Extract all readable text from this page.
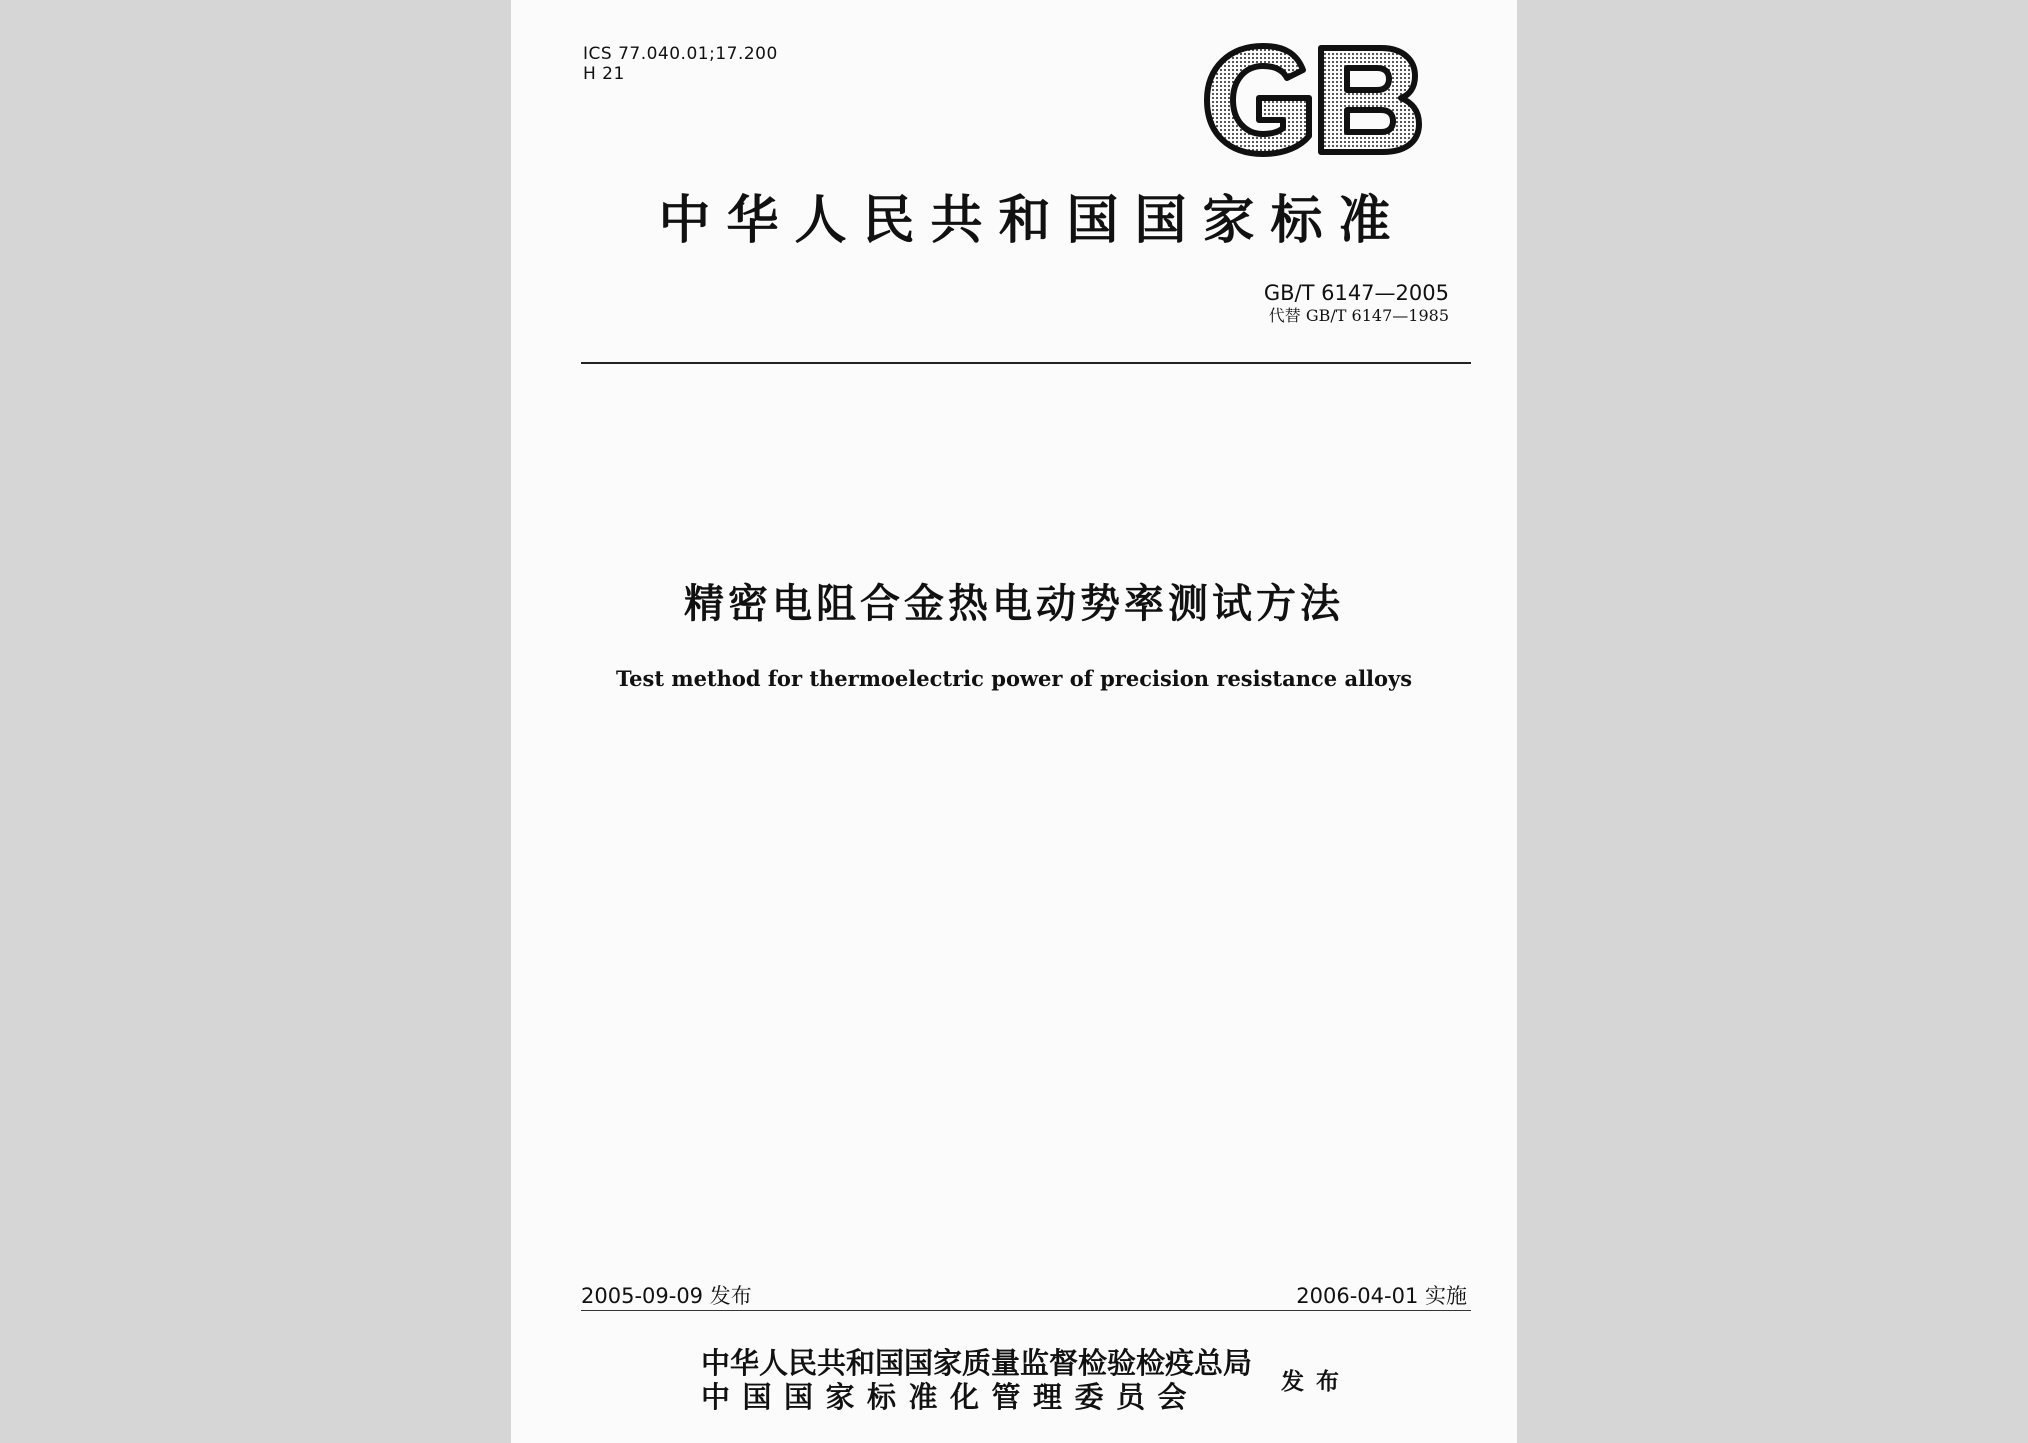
ICS 77.040.01;17.200
H 21
中华人民共和国国家标准
GB/T 6147—2005
代替 GB/T 6147—1985
精密电阻合金热电动势率测试方法
Test method for thermoelectric power of precision resistance alloys
2005-09-09 发布	2006-04-01 实施
中华人民共和国国家质量监督检验检疫总局
中国国家标准化管理委员会	发布
